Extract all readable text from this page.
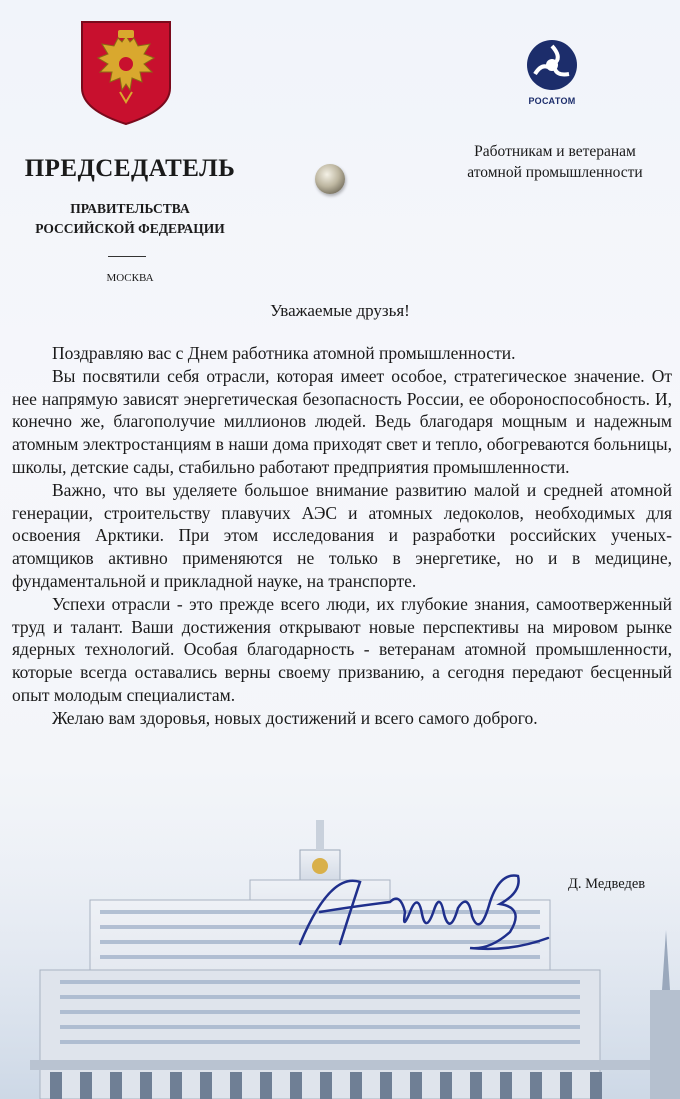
РОСАТОМ
ПРЕДСЕДАТЕЛЬ
ПРАВИТЕЛЬСТВА
РОССИЙСКОЙ ФЕДЕРАЦИИ
МОСКВА
Работникам и ветеранам
атомной промышленности
Уважаемые друзья!

Поздравляю вас с Днем работника атомной промышленности.

Вы посвятили себя отрасли, которая имеет особое, стратегическое значение. От нее напрямую зависят энергетическая безопасность России, ее обороноспособность. И, конечно же, благополучие миллионов людей. Ведь благодаря мощным и надежным атомным электростанциям в наши дома приходят свет и тепло, обогреваются больницы, школы, детские сады, стабильно работают предприятия промышленности.

Важно, что вы уделяете большое внимание развитию малой и средней атомной генерации, строительству плавучих АЭС и атомных ледоколов, необходимых для освоения Арктики. При этом исследования и разработки российских ученых-атомщиков активно применяются не только в энергетике, но и в медицине, фундаментальной и прикладной науке, на транспорте.

Успехи отрасли - это прежде всего люди, их глубокие знания, самоотверженный труд и талант. Ваши достижения открывают новые перспективы на мировом рынке ядерных технологий. Особая благодарность - ветеранам атомной промышленности, которые всегда оставались верны своему призванию, а сегодня передают бесценный опыт молодым специалистам.

Желаю вам здоровья, новых достижений и всего самого доброго.

Д. Медведев
